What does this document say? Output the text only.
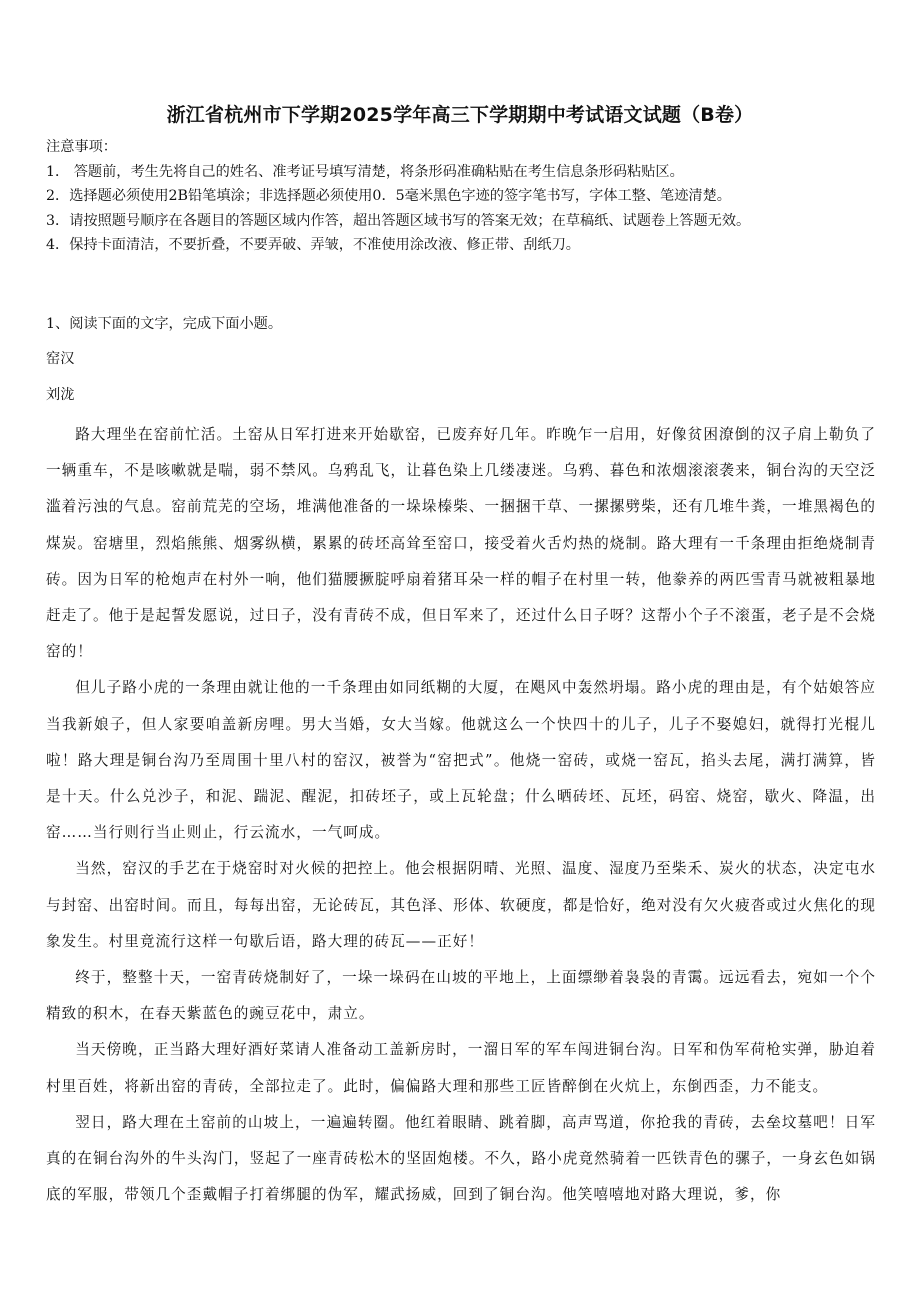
浙江省杭州市下学期2025学年高三下学期期中考试语文试题（B卷）
注意事项：
1． 答题前，考生先将自己的姓名、准考证号填写清楚，将条形码准确粘贴在考生信息条形码粘贴区。
2．选择题必须使用2B铅笔填涂；非选择题必须使用0．5毫米黑色字迹的签字笔书写，字体工整、笔迹清楚。
3．请按照题号顺序在各题目的答题区域内作答，超出答题区域书写的答案无效；在草稿纸、试题卷上答题无效。
4．保持卡面清洁，不要折叠，不要弄破、弄皱，不准使用涂改液、修正带、刮纸刀。
1、阅读下面的文字，完成下面小题。
窑汉
刘泷

路大理坐在窑前忙活。土窑从日军打进来开始歇窑，已废弃好几年。昨晚乍一启用，好像贫困潦倒的汉子肩上勒负了一辆重车，不是咳嗽就是喘，弱不禁风。乌鸦乱飞，让暮色染上几缕凄迷。乌鸦、暮色和浓烟滚滚袭来，铜台沟的天空泛滥着污浊的气息。窑前荒芜的空场，堆满他准备的一垛垛榛柴、一捆捆干草、一摞摞劈柴，还有几堆牛粪，一堆黑褐色的煤炭。窑塘里，烈焰熊熊、烟雾纵横，累累的砖坯高耸至窑口，接受着火舌灼热的烧制。路大理有一千条理由拒绝烧制青砖。因为日军的枪炮声在村外一响，他们猫腰撅腚呼扇着猪耳朵一样的帽子在村里一转，他豢养的两匹雪青马就被粗暴地赶走了。他于是起誓发愿说，过日子，没有青砖不成，但日军来了，还过什么日子呀？这帮小个子不滚蛋，老子是不会烧窑的！

但儿子路小虎的一条理由就让他的一千条理由如同纸糊的大厦，在飓风中轰然坍塌。路小虎的理由是，有个姑娘答应当我新娘子，但人家要咱盖新房哩。男大当婚，女大当嫁。他就这么一个快四十的儿子，儿子不娶媳妇，就得打光棍儿啦！路大理是铜台沟乃至周围十里八村的窑汉，被誉为“窑把式”。他烧一窑砖，或烧一窑瓦，掐头去尾，满打满算，皆是十天。什么兑沙子，和泥、踹泥、醒泥，扣砖坯子，或上瓦轮盘；什么晒砖坯、瓦坯，码窑、烧窑，歇火、降温，出窑……当行则行当止则止，行云流水，一气呵成。

当然，窑汉的手艺在于烧窑时对火候的把控上。他会根据阴晴、光照、温度、湿度乃至柴禾、炭火的状态，决定屯水与封窑、出窑时间。而且，每每出窑，无论砖瓦，其色泽、形体、软硬度，都是恰好，绝对没有欠火疲沓或过火焦化的现象发生。村里竟流行这样一句歇后语，路大理的砖瓦——正好！

终于，整整十天，一窑青砖烧制好了，一垛一垛码在山坡的平地上，上面缥缈着袅袅的青霭。远远看去，宛如一个个精致的积木，在春天紫蓝色的豌豆花中，肃立。

当天傍晚，正当路大理好酒好菜请人准备动工盖新房时，一溜日军的军车闯进铜台沟。日军和伪军荷枪实弹，胁迫着村里百姓，将新出窑的青砖，全部拉走了。此时，偏偏路大理和那些工匠皆醉倒在火炕上，东倒西歪，力不能支。

翌日，路大理在土窑前的山坡上，一遍遍转圈。他红着眼睛、跳着脚，高声骂道，你抢我的青砖，去垒坟墓吧！日军真的在铜台沟外的牛头沟门，竖起了一座青砖松木的坚固炮楼。不久，路小虎竟然骑着一匹铁青色的骡子，一身玄色如锅底的军服，带领几个歪戴帽子打着绑腿的伪军，耀武扬威，回到了铜台沟。他笑嘻嘻地对路大理说，爹，你
